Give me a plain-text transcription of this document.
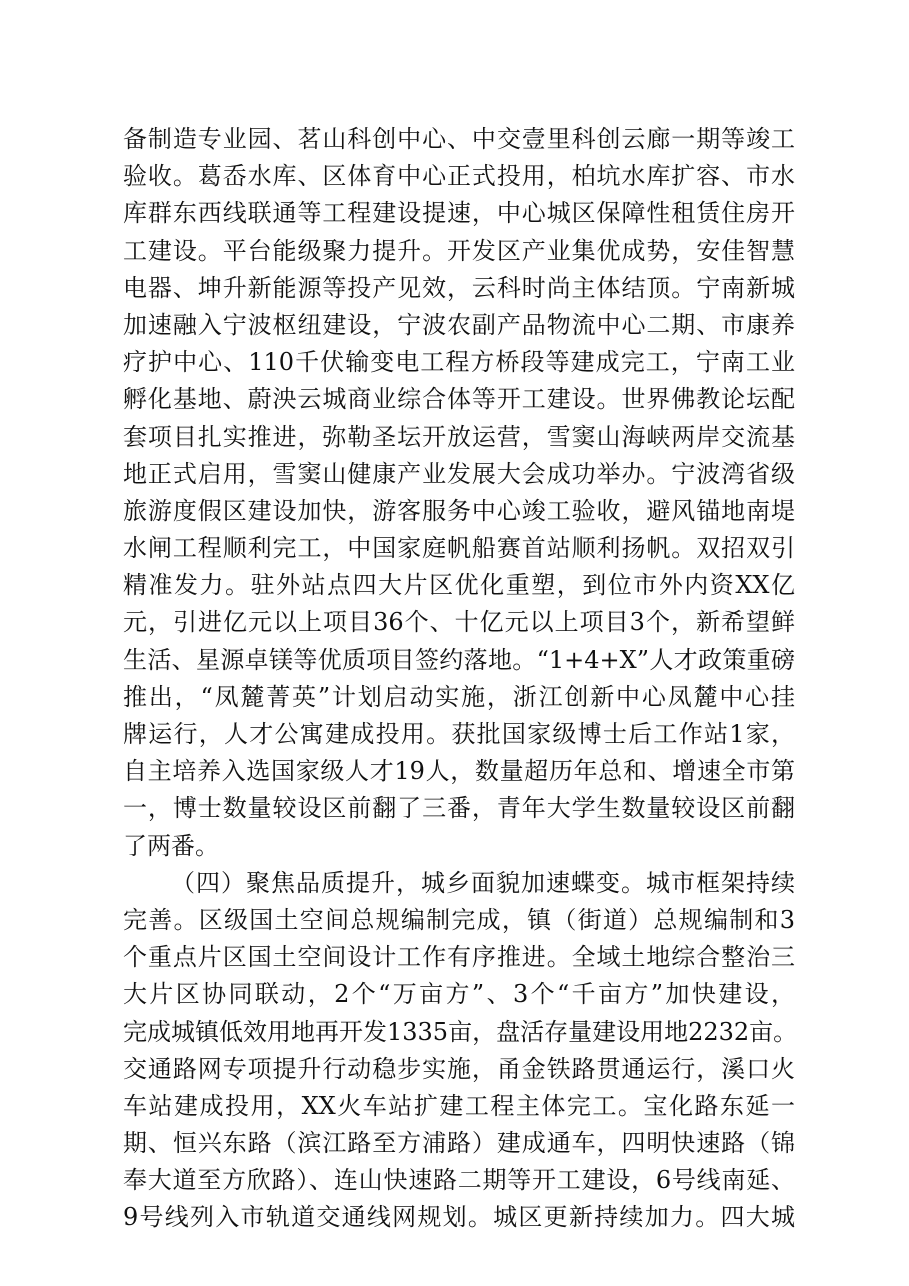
备制造专业园、茗山科创中心、中交壹里科创云廊一期等竣工
验收。葛岙水库、区体育中心正式投用，柏坑水库扩容、市水
库群东西线联通等工程建设提速，中心城区保障性租赁住房开
工建设。平台能级聚力提升。开发区产业集优成势，安佳智慧
电器、坤升新能源等投产见效，云科时尚主体结顶。宁南新城
加速融入宁波枢纽建设，宁波农副产品物流中心二期、市康养
疗护中心、110千伏输变电工程方桥段等建成完工，宁南工业
孵化基地、蔚泱云城商业综合体等开工建设。世界佛教论坛配
套项目扎实推进，弥勒圣坛开放运营，雪窦山海峡两岸交流基
地正式启用，雪窦山健康产业发展大会成功举办。宁波湾省级
旅游度假区建设加快，游客服务中心竣工验收，避风锚地南堤
水闸工程顺利完工，中国家庭帆船赛首站顺利扬帆。双招双引
精准发力。驻外站点四大片区优化重塑，到位市外内资XX亿
元，引进亿元以上项目36个、十亿元以上项目3个，新希望鲜
生活、星源卓镁等优质项目签约落地。“1+4+X”人才政策重磅
推出，“凤麓菁英”计划启动实施，浙江创新中心凤麓中心挂
牌运行，人才公寓建成投用。获批国家级博士后工作站1家，
自主培养入选国家级人才19人，数量超历年总和、增速全市第
一，博士数量较设区前翻了三番，青年大学生数量较设区前翻
了两番。
（四）聚焦品质提升，城乡面貌加速蝶变。城市框架持续
完善。区级国土空间总规编制完成，镇（街道）总规编制和3
个重点片区国土空间设计工作有序推进。全域土地综合整治三
大片区协同联动，2个“万亩方”、3个“千亩方”加快建设，
完成城镇低效用地再开发1335亩，盘活存量建设用地2232亩。
交通路网专项提升行动稳步实施，甬金铁路贯通运行，溪口火
车站建成投用，XX火车站扩建工程主体完工。宝化路东延一
期、恒兴东路（滨江路至方浦路）建成通车，四明快速路（锦
奉大道至方欣路）、连山快速路二期等开工建设，6号线南延、
9号线列入市轨道交通线网规划。城区更新持续加力。四大城
